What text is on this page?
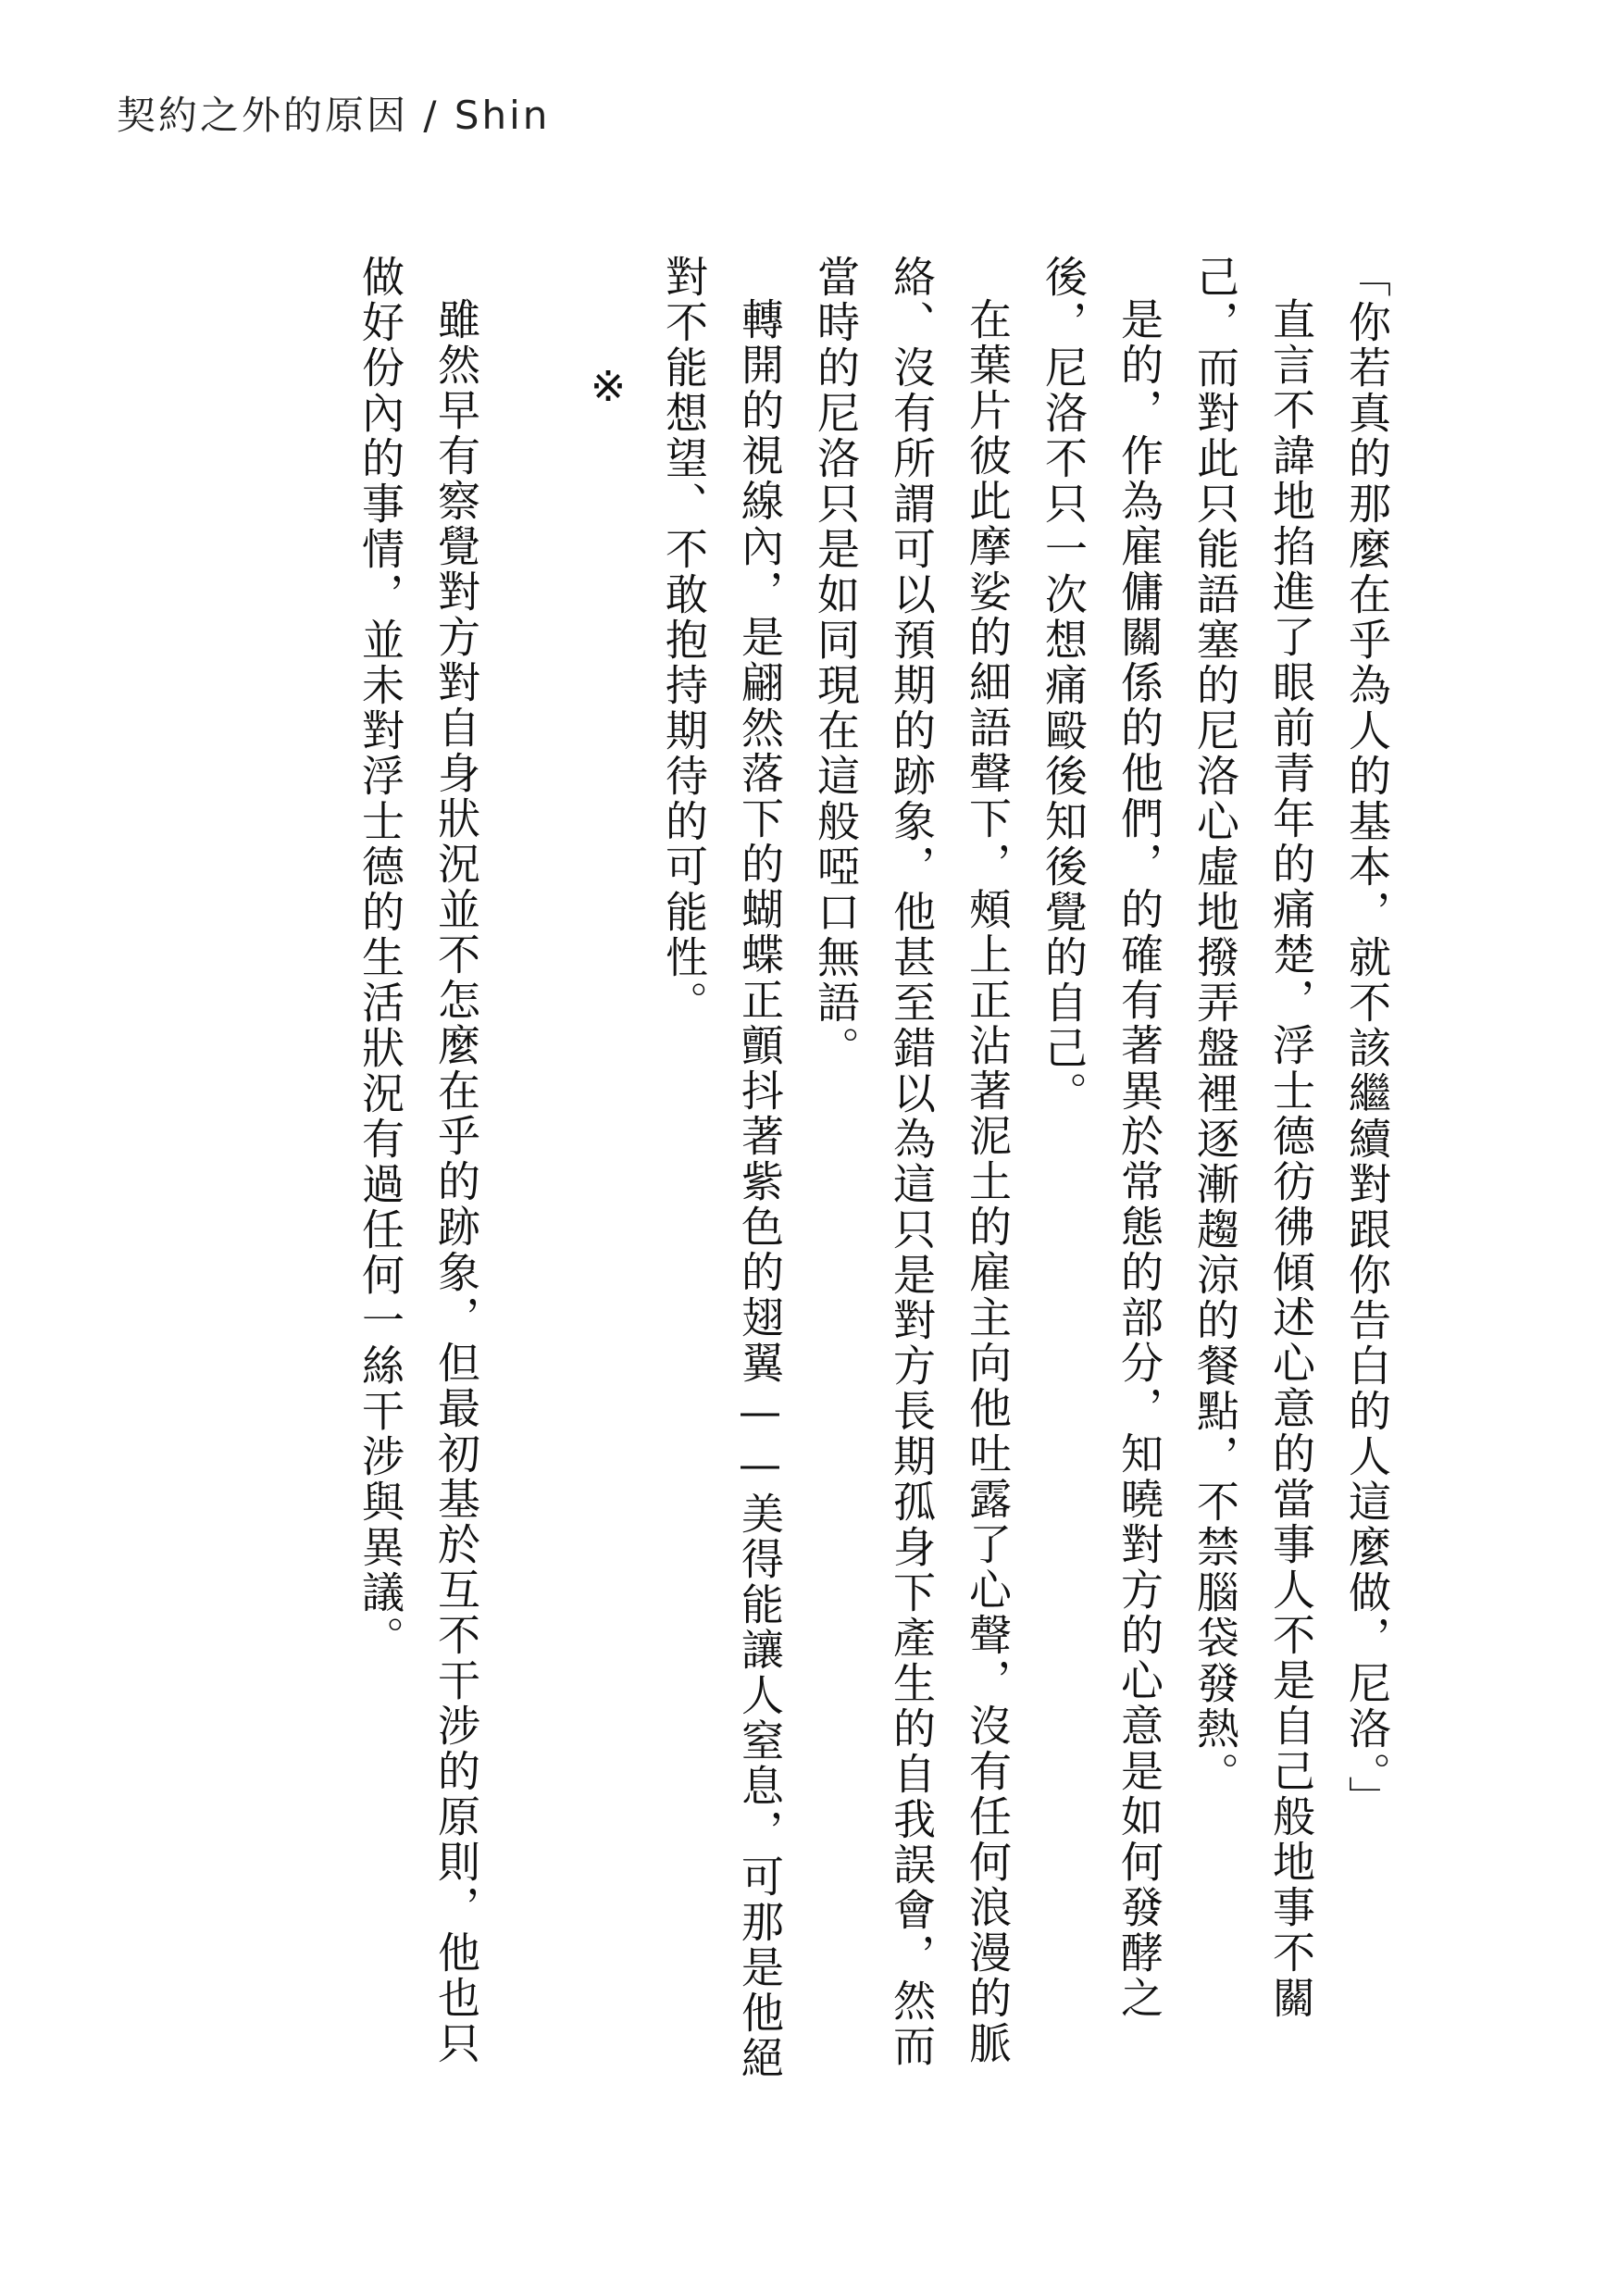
契約之外的原因 / Shin

「你若真的那麼在乎為人的基本，就不該繼續對跟你告白的人這麼做，尼洛。」

直言不諱地掐進了眼前青年的痛楚，浮士德彷彿傾述心意的當事人不是自己般地事不關己，而對此只能語塞的尼洛心虛地撥弄盤裡逐漸趨涼的餐點，不禁腦袋發熱。

是的，作為雇傭關係的他們，的確有著異於常態的部分，知曉對方的心意是如何發酵之後，尼洛不只一次想痛毆後知後覺的自己。

在葉片彼此摩娑的細語聲下，頰上正沾著泥土的雇主向他吐露了心聲，沒有任何浪漫的脈絡、沒有所謂可以預期的跡象，他甚至錯以為這只是對方長期孤身下產生的自我誤會，然而當時的尼洛只是如同現在這般啞口無語。

轉開的視線內，是翩然落下的蝴蝶正顫抖著紫色的翅翼——美得能讓人窒息，可那是他絕對不能想望、不敢抱持期待的可能性。

※

雖然早有察覺對方對自身狀況並不怎麼在乎的跡象，但最初基於互不干涉的原則，他也只做好份內的事情，並未對浮士德的生活狀況有過任何一絲干涉與異議。
